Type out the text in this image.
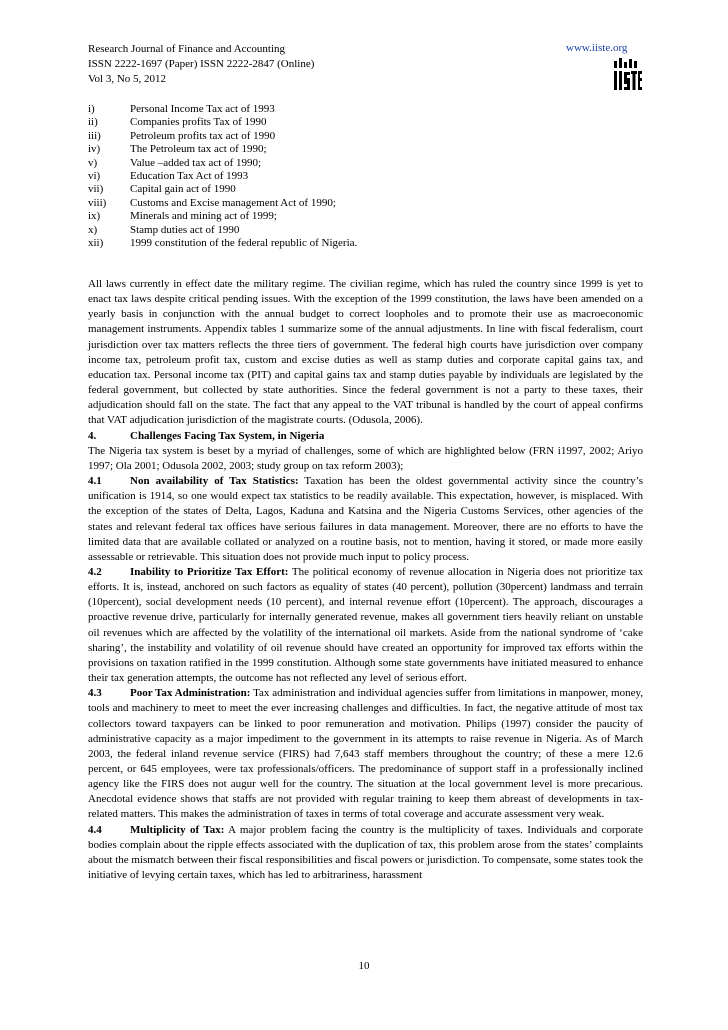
Research Journal of Finance and Accounting
ISSN 2222-1697 (Paper) ISSN 2222-2847 (Online)
Vol 3, No 5, 2012
www.iiste.org
i)	Personal Income Tax act of 1993
ii)	Companies profits Tax of 1990
iii)	Petroleum profits tax act of 1990
iv)	The Petroleum tax act of 1990;
v)	Value –added tax act of 1990;
vi)	Education Tax Act of 1993
vii)	Capital gain act of 1990
viii)	Customs and Excise management Act of 1990;
ix)	Minerals and mining act of 1999;
x)	Stamp duties act of 1990
xii)	1999 constitution of the federal republic of Nigeria.

All laws currently in effect date the military regime. The civilian regime, which has ruled the country since 1999 is yet to enact tax laws despite critical pending issues. With the exception of the 1999 constitution, the laws have been amended on a yearly basis in conjunction with the annual budget to correct loopholes and to promote their use as macroeconomic management instruments. Appendix tables 1 summarize some of the annual adjustments. In line with fiscal federalism, court jurisdiction over tax matters reflects the three tiers of government. The federal high courts have jurisdiction over company income tax, petroleum profit tax, custom and excise duties as well as stamp duties and corporate capital gains tax, and education tax. Personal income tax (PIT) and capital gains tax and stamp duties payable by individuals are legislated by the federal government, but collected by state authorities. Since the federal government is not a party to these taxes, their adjudication should fall on the state. The fact that any appeal to the VAT tribunal is handled by the court of appeal confirms that VAT adjudication jurisdiction of the magistrate courts. (Odusola, 2006).

4.	Challenges Facing Tax System, in Nigeria

The Nigeria tax system is beset by a myriad of challenges, some of which are highlighted below (FRN i1997, 2002; Ariyo 1997; Ola 2001; Odusola 2002, 2003; study group on tax reform 2003);

4.1	Non availability of Tax Statistics: Taxation has been the oldest governmental activity since the country’s unification is 1914, so one would expect tax statistics to be readily available. This expectation, however, is misplaced. With the exception of the states of Delta, Lagos, Kaduna and Katsina and the Nigeria Customs Services, other agencies of the states and relevant federal tax offices have serious failures in data management. Moreover, there are no efforts to have the limited data that are available collated or analyzed on a routine basis, not to mention, having it stored, or made more easily assessable or retrievable. This situation does not provide much input to policy process.

4.2	Inability to Prioritize Tax Effort: The political economy of revenue allocation in Nigeria does not prioritize tax efforts. It is, instead, anchored on such factors as equality of states (40 percent), pollution (30percent) landmass and terrain (10percent), social development needs (10 percent), and internal revenue effort (10percent). The approach, discourages a proactive revenue drive, particularly for internally generated revenue, makes all government tiers heavily reliant on unstable oil revenues which are affected by the volatility of the international oil markets. Aside from the national syndrome of ‘cake sharing’, the instability and volatility of oil revenue should have created an opportunity for improved tax efforts within the provisions on taxation ratified in the 1999 constitution. Although some state governments have initiated measured to enhance their tax generation attempts, the outcome has not reflected any level of serious effort.

4.3	Poor Tax Administration: Tax administration and individual agencies suffer from limitations in manpower, money, tools and machinery to meet to meet the ever increasing challenges and difficulties. In fact, the negative attitude of most tax collectors toward taxpayers can be linked to poor remuneration and motivation. Philips (1997) consider the paucity of administrative capacity as a major impediment to the government in its attempts to raise revenue in Nigeria. As of March 2003, the federal inland revenue service (FIRS) had 7,643 staff members throughout the country; of these a mere 12.6 percent, or 645 employees, were tax professionals/officers. The predominance of support staff in a professionally inclined agency like the FIRS does not augur well for the country. The situation at the local government level is more precarious. Anecdotal evidence shows that staffs are not provided with regular training to keep them abreast of developments in tax-related matters. This makes the administration of taxes in terms of total coverage and accurate assessment very weak.

4.4	Multiplicity of Tax: A major problem facing the country is the multiplicity of taxes. Individuals and corporate bodies complain about the ripple effects associated with the duplication of tax, this problem arose from the states’ complaints about the mismatch between their fiscal responsibilities and fiscal powers or jurisdiction. To compensate, some states took the initiative of levying certain taxes, which has led to arbitrariness, harassment

10
